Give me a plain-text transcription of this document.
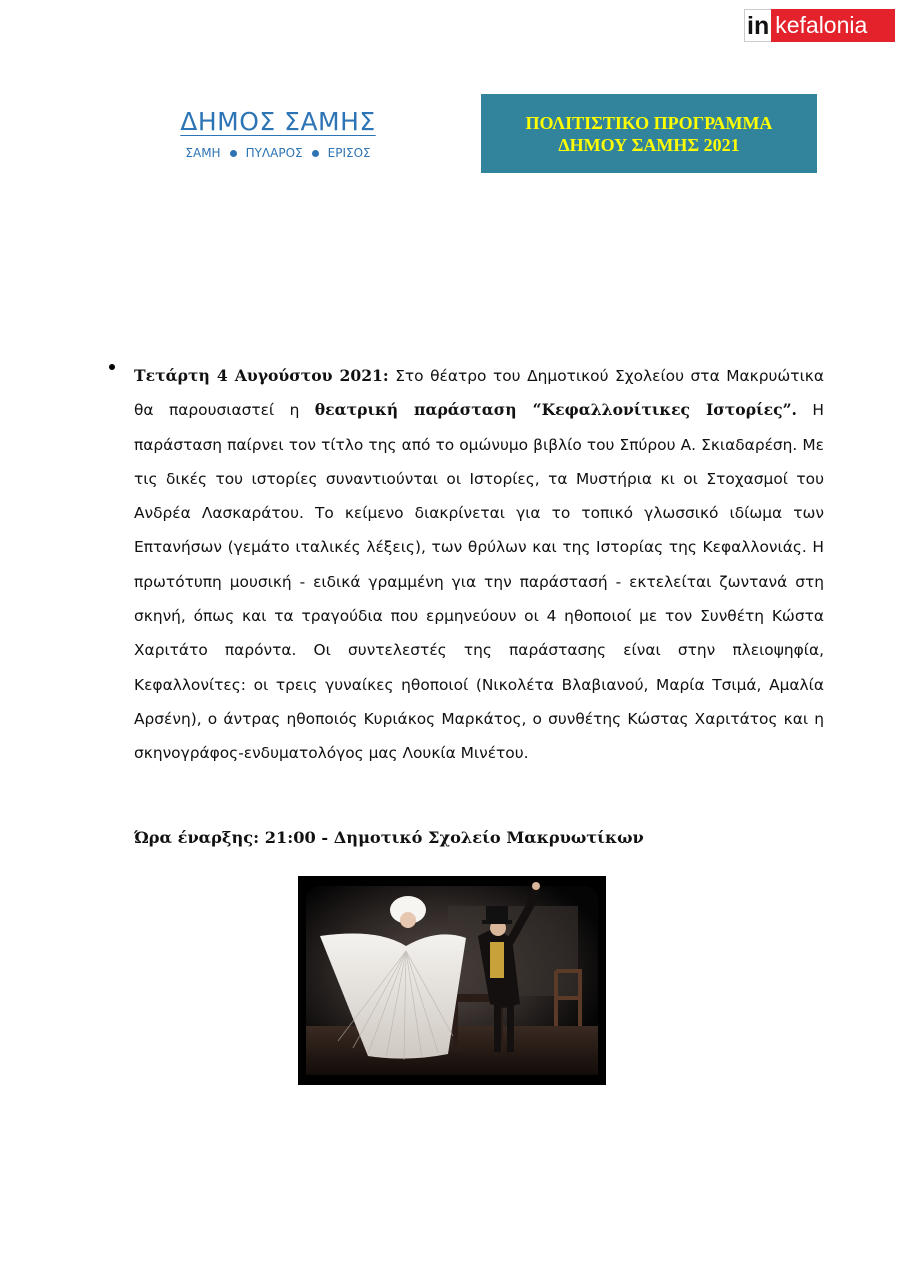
in kefalonia
ΔΗΜΟΣ ΣΑΜΗΣ
ΣΑΜΗ ΠΥΛΑΡΟΣ ΕΡΙΣΟΣ
ΠΟΛΙΤΙΣΤΙΚΟ ΠΡΟΓΡΑΜΜΑ
ΔΗΜΟΥ ΣΑΜΗΣ 2021

Τετάρτη 4 Αυγούστου 2021: Στο θέατρο του Δημοτικού Σχολείου στα Μακρυώτικα θα παρουσιαστεί η θεατρική παράσταση “Κεφαλλονίτικες Ιστορίες”. Η παράσταση παίρνει τον τίτλο της από το ομώνυμο βιβλίο του Σπύρου Α. Σκιαδαρέση. Με τις δικές του ιστορίες συναντιούνται οι Ιστορίες, τα Μυστήρια κι οι Στοχασμοί του Ανδρέα Λασκαράτου. Το κείμενο διακρίνεται για το τοπικό γλωσσικό ιδίωμα των Επτανήσων (γεμάτο ιταλικές λέξεις), των θρύλων και της Ιστορίας της Κεφαλλονιάς. Η πρωτότυπη μουσική - ειδικά γραμμένη για την παράστασή - εκτελείται ζωντανά στη σκηνή, όπως και τα τραγούδια που ερμηνεύουν οι 4 ηθοποιοί με τον Συνθέτη Κώστα Χαριτάτο παρόντα. Οι συντελεστές της παράστασης είναι στην πλειοψηφία, Κεφαλλονίτες: οι τρεις γυναίκες ηθοποιοί (Νικολέτα Βλαβιανού, Μαρία Τσιμά, Αμαλία Αρσένη), ο άντρας ηθοποιός Κυριάκος Μαρκάτος, ο συνθέτης Κώστας Χαριτάτος και η σκηνογράφος-ενδυματολόγος μας Λουκία Μινέτου.

Ώρα έναρξης: 21:00 - Δημοτικό Σχολείο Μακρυωτίκων
